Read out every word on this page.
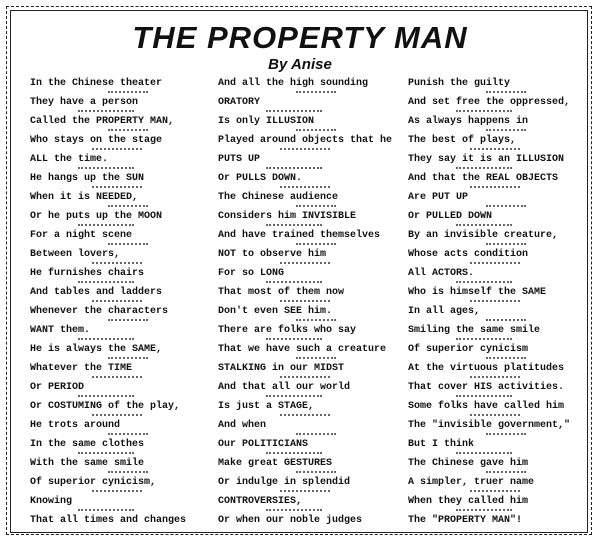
THE PROPERTY MAN
By Anise
In the Chinese theater
They have a person
Called the PROPERTY MAN,
Who stays on the stage
ALL the time.
He hangs up the SUN
When it is NEEDED,
Or he puts up the MOON
For a night scene
Between lovers,
He furnishes chairs
And tables and ladders
Whenever the characters
WANT them.
He is always the SAME,
Whatever the TIME
Or PERIOD
Or COSTUMING of the play,
He trots around
In the same clothes
With the same smile
Of superior cynicism,
Knowing
That all times and changes
And all the high sounding
ORATORY
Is only ILLUSION
Played around objects that he
PUTS UP
Or PULLS DOWN.
The Chinese audience
Considers him INVISIBLE
And have trained themselves
NOT to observe him
For so LONG
That most of them now
Don't even SEE him.
There are folks who say
That we have such a creature
STALKING in our MIDST
And that all our world
Is just a STAGE,
And when
Our POLITICIANS
Make great GESTURES
Or indulge in splendid
CONTROVERSIES,
Or when our noble judges
Punish the guilty
And set free the oppressed,
As always happens in
The best of plays,
They say it is an ILLUSION
And that the REAL OBJECTS
Are PUT UP
Or PULLED DOWN
By an invisible creature,
Whose acts condition
All ACTORS.
Who is himself the SAME
In all ages,
Smiling the same smile
Of superior cynicism
At the virtuous platitudes
That cover HIS activities.
Some folks have called him
The "invisible government,"
But I think
The Chinese gave him
A simpler, truer name
When they called him
The "PROPERTY MAN"!
